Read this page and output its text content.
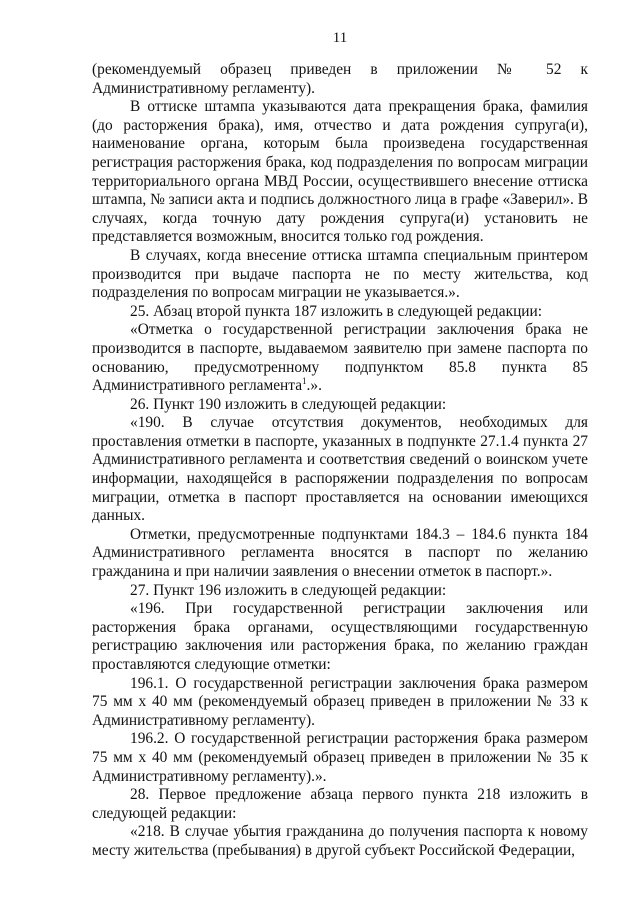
11

(рекомендуемый образец приведен в приложении № 52 к Административному регламенту).

В оттиске штампа указываются дата прекращения брака, фамилия (до расторжения брака), имя, отчество и дата рождения супруга(и), наименование органа, которым была произведена государственная регистрация расторжения брака, код подразделения по вопросам миграции территориального органа МВД России, осуществившего внесение оттиска штампа, № записи акта и подпись должностного лица в графе «Заверил». В случаях, когда точную дату рождения супруга(и) установить не представляется возможным, вносится только год рождения.

В случаях, когда внесение оттиска штампа специальным принтером производится при выдаче паспорта не по месту жительства, код подразделения по вопросам миграции не указывается.».

25. Абзац второй пункта 187 изложить в следующей редакции:

«Отметка о государственной регистрации заключения брака не производится в паспорте, выдаваемом заявителю при замене паспорта по основанию, предусмотренному подпунктом 85.8 пункта 85 Административного регламента$^1$.».

26. Пункт 190 изложить в следующей редакции:

«190. В случае отсутствия документов, необходимых для проставления отметки в паспорте, указанных в подпункте 27.1.4 пункта 27 Административного регламента и соответствия сведений о воинском учете информации, находящейся в распоряжении подразделения по вопросам миграции, отметка в паспорт проставляется на основании имеющихся данных.

Отметки, предусмотренные подпунктами 184.3 – 184.6 пункта 184 Административного регламента вносятся в паспорт по желанию гражданина и при наличии заявления о внесении отметок в паспорт.».

27. Пункт 196 изложить в следующей редакции:

«196. При государственной регистрации заключения или расторжения брака органами, осуществляющими государственную регистрацию заключения или расторжения брака, по желанию граждан проставляются следующие отметки:

196.1. О государственной регистрации заключения брака размером 75 мм x 40 мм (рекомендуемый образец приведен в приложении № 33 к Административному регламенту).

196.2. О государственной регистрации расторжения брака размером 75 мм x 40 мм (рекомендуемый образец приведен в приложении № 35 к Административному регламенту).».

28. Первое предложение абзаца первого пункта 218 изложить в следующей редакции:

«218. В случае убытия гражданина до получения паспорта к новому месту жительства (пребывания) в другой субъект Российской Федерации,
